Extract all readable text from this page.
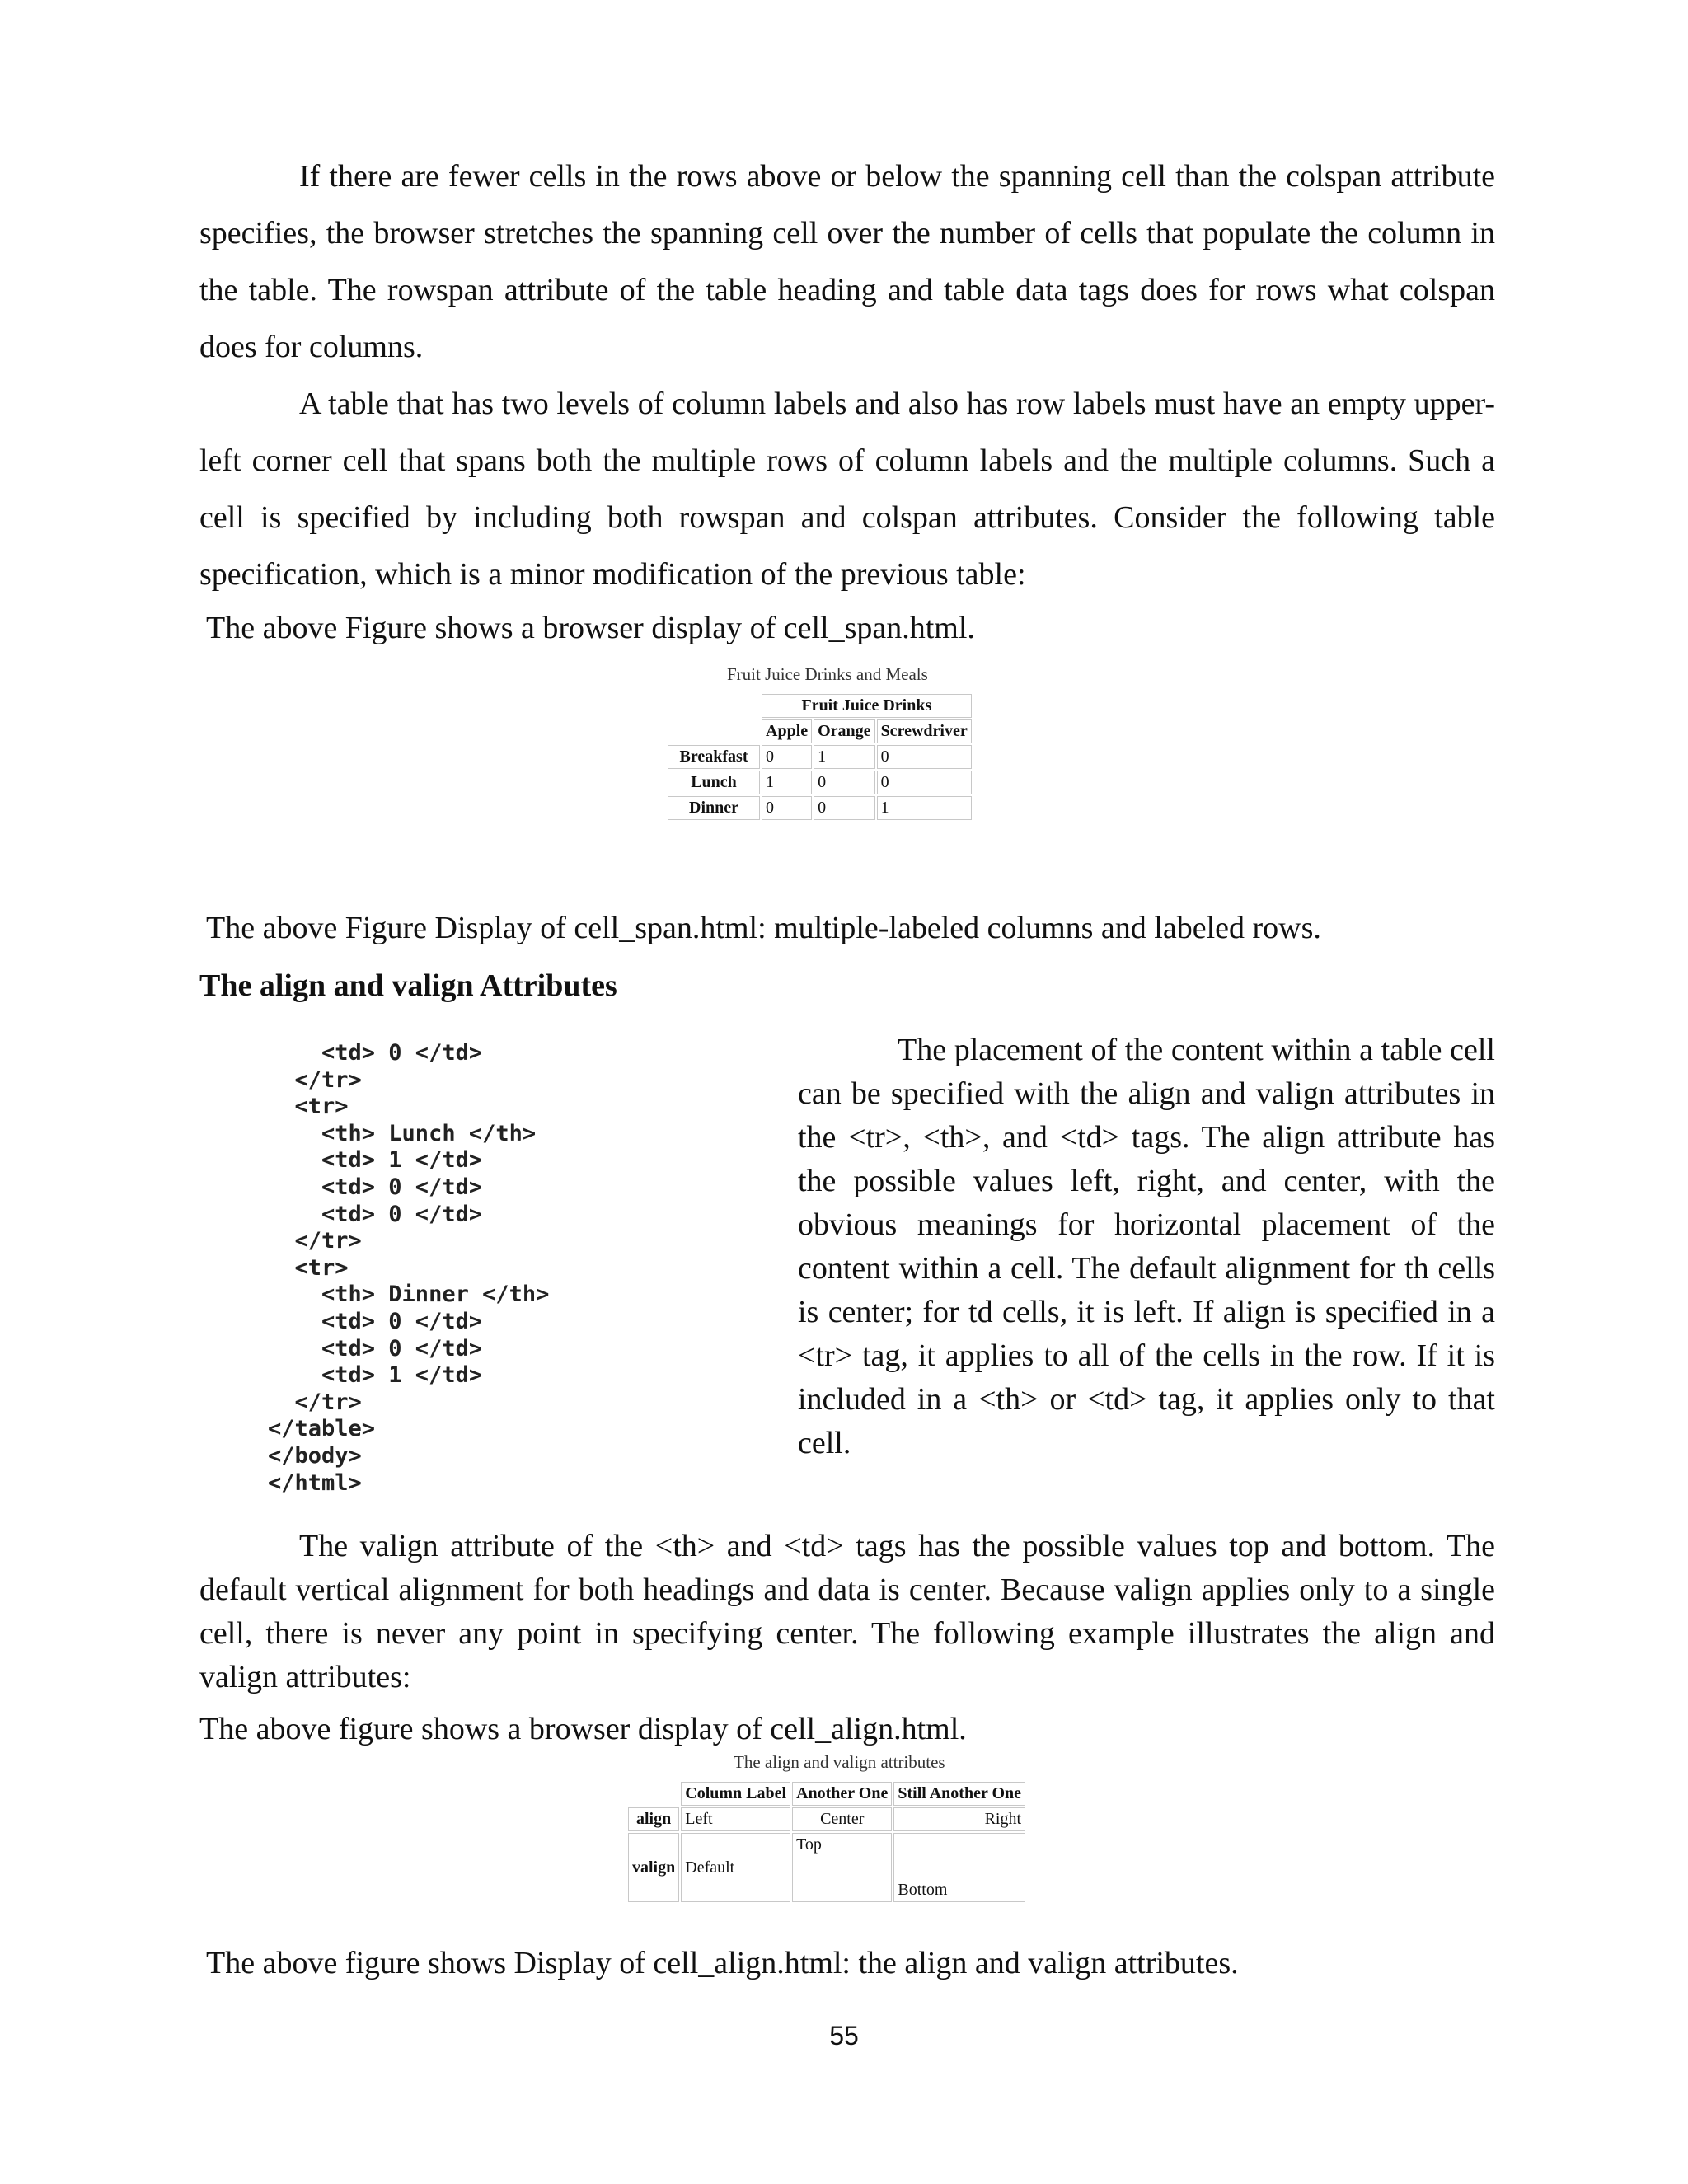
If there are fewer cells in the rows above or below the spanning cell than the colspan attribute specifies, the browser stretches the spanning cell over the number of cells that populate the column in the table. The rowspan attribute of the table heading and table data tags does for rows what colspan does for columns.

A table that has two levels of column labels and also has row labels must have an empty upper-left corner cell that spans both the multiple rows of column labels and the multiple columns. Such a cell is specified by including both rowspan and colspan attributes. Consider the following table specification, which is a minor modification of the previous table:

The above Figure shows a browser display of cell_span.html.
Fruit Juice Drinks and Meals
	Fruit Juice Drinks		
	Apple	Orange	Screwdriver
Breakfast	0	1	0
Lunch	1	0	0
Dinner	0	0	1
The above Figure Display of cell_span.html: multiple-labeled columns and labeled rows.
The align and valign Attributes
<td> 0 </td>
</tr>
<tr>
<th> Lunch </th>
<td> 1 </td>
<td> 0 </td>
<td> 0 </td>
</tr>
<tr>
<th> Dinner </th>
<td> 0 </td>
<td> 0 </td>
<td> 1 </td>
</tr>
</table>
</body>
</html>

The placement of the content within a table cell can be specified with the align and valign attributes in the <tr>, <th>, and <td> tags. The align attribute has the possible values left, right, and center, with the obvious meanings for horizontal placement of the content within a cell. The default alignment for th cells is center; for td cells, it is left. If align is specified in a <tr> tag, it applies to all of the cells in the row. If it is included in a <th> or <td> tag, it applies only to that cell.

The valign attribute of the <th> and <td> tags has the possible values top and bottom. The default vertical alignment for both headings and data is center. Because valign applies only to a single cell, there is never any point in specifying center. The following example illustrates the align and valign attributes:

The above figure shows a browser display of cell_align.html.
The align and valign attributes
	Column Label	Another One	Still Another One
align	Left	Center	Right
valign	Default	Top	Bottom
The above figure shows Display of cell_align.html: the align and valign attributes.
55
